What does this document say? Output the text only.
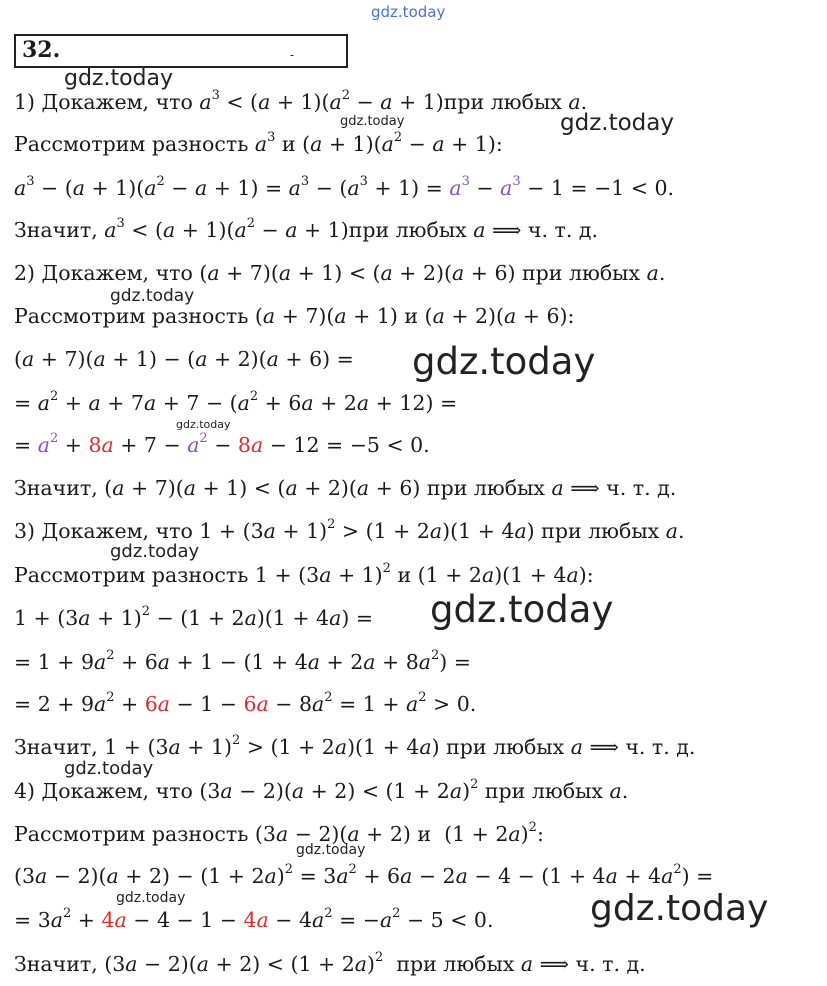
gdz.today
32.	-
gdz.today
gdz.today	gdz.today
gdz.today
gdz.today
gdz.today
gdz.today
gdz.today
gdz.today
gdz.today
gdz.today	gdz.today
1) Докажем, что $a^3 < (a + 1)(a^2 - a + 1)при$ любых a.
Рассмотрим разность $a^3$ и $(a + 1)(a^2 - a + 1)$:
$a^3 - (a + 1)(a^2 - a + 1) = a^3 - (a^3 + 1) = a^3 - a^3 - 1 = -1 < 0$.
Значит, $a^3 < (a + 1)(a^2 - a + 1)при$ любых a ⟹ ч. т. д.
2) Докажем, что (a + 7)(a + 1) < (a + 2)(a + 6) при любых a.
Рассмотрим разность (a + 7)(a + 1) и (a + 2)(a + 6):
(a + 7)(a + 1) − (a + 2)(a + 6) =
= $a^2 + a + 7a + 7 - (a^2 + 6a + 2a + 12)$ =
= $a^2 + 8a + 7 - a^2 - 8a - 12 = -5 < 0$.
Значит, (a + 7)(a + 1) < (a + 2)(a + 6) при любых a ⟹ ч. т. д.
3) Докажем, что $1 + (3a + 1)^2 > (1 + 2a)(1 + 4a)$ при любых a.
Рассмотрим разность $1 + (3a + 1)^2$ и (1 + 2a)(1 + 4a):
$1 + (3a + 1)^2 - (1 + 2a)(1 + 4a)$ =
= $1 + 9a^2 + 6a + 1 - (1 + 4a + 2a + 8a^2)$ =
= $2 + 9a^2 + 6a - 1 - 6a - 8a^2 = 1 + a^2 > 0$.
Значит, $1 + (3a + 1)^2 > (1 + 2a)(1 + 4a)$ при любых a ⟹ ч. т. д.
4) Докажем, что $(3a - 2)(a + 2) < (1 + 2a)^2$ при любых a.
Рассмотрим разность (3a − 2)(a + 2) и  $(1 + 2a)^2$:
$(3a - 2)(a + 2) - (1 + 2a)^2 = 3a^2 + 6a - 2a - 4 - (1 + 4a + 4a^2)$ =
= $3a^2 + 4a - 4 - 1 - 4a - 4a^2 = -a^2 - 5 < 0$.
Значит, $(3a - 2)(a + 2) < (1 + 2a)^2$  при любых a ⟹ ч. т. д.
